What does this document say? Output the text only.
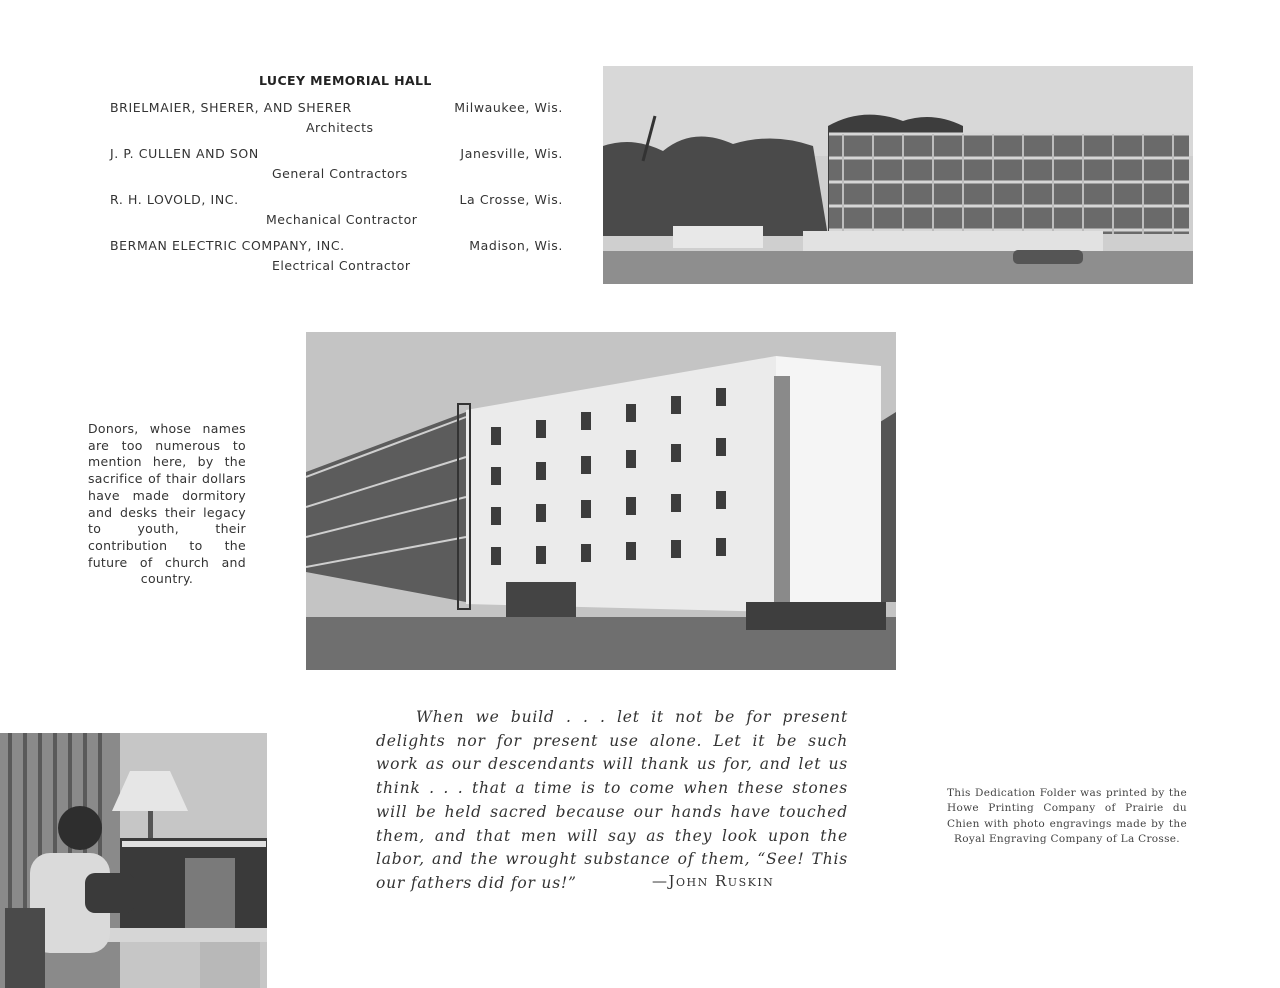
LUCEY MEMORIAL HALL
BRIELMAIER, SHERER, AND SHERER	Milwaukee, Wis.
Architects
J. P. CULLEN AND SON	Janesville, Wis.
General Contractors
R. H. LOVOLD, INC.	La Crosse, Wis.
Mechanical Contractor
BERMAN ELECTRIC COMPANY, INC.	Madison, Wis.
Electrical Contractor
Donors, whose names are too numerous to mention here, by the sacrifice of thair dollars have made dormitory and desks their legacy to youth, their contribution to the future of church and country.
When we build . . . let it not be for present delights nor for present use alone. Let it be such work as our descendants will thank us for, and let us think . . . that a time is to come when these stones will be held sacred because our hands have touched them, and that men will say as they look upon the labor, and the wrought substance of them, “See! This our fathers did for us!”	—John Ruskin
This Dedication Folder was printed by the Howe Printing Company of Prairie du Chien with photo engravings made by the Royal Engraving Company of La Crosse.
